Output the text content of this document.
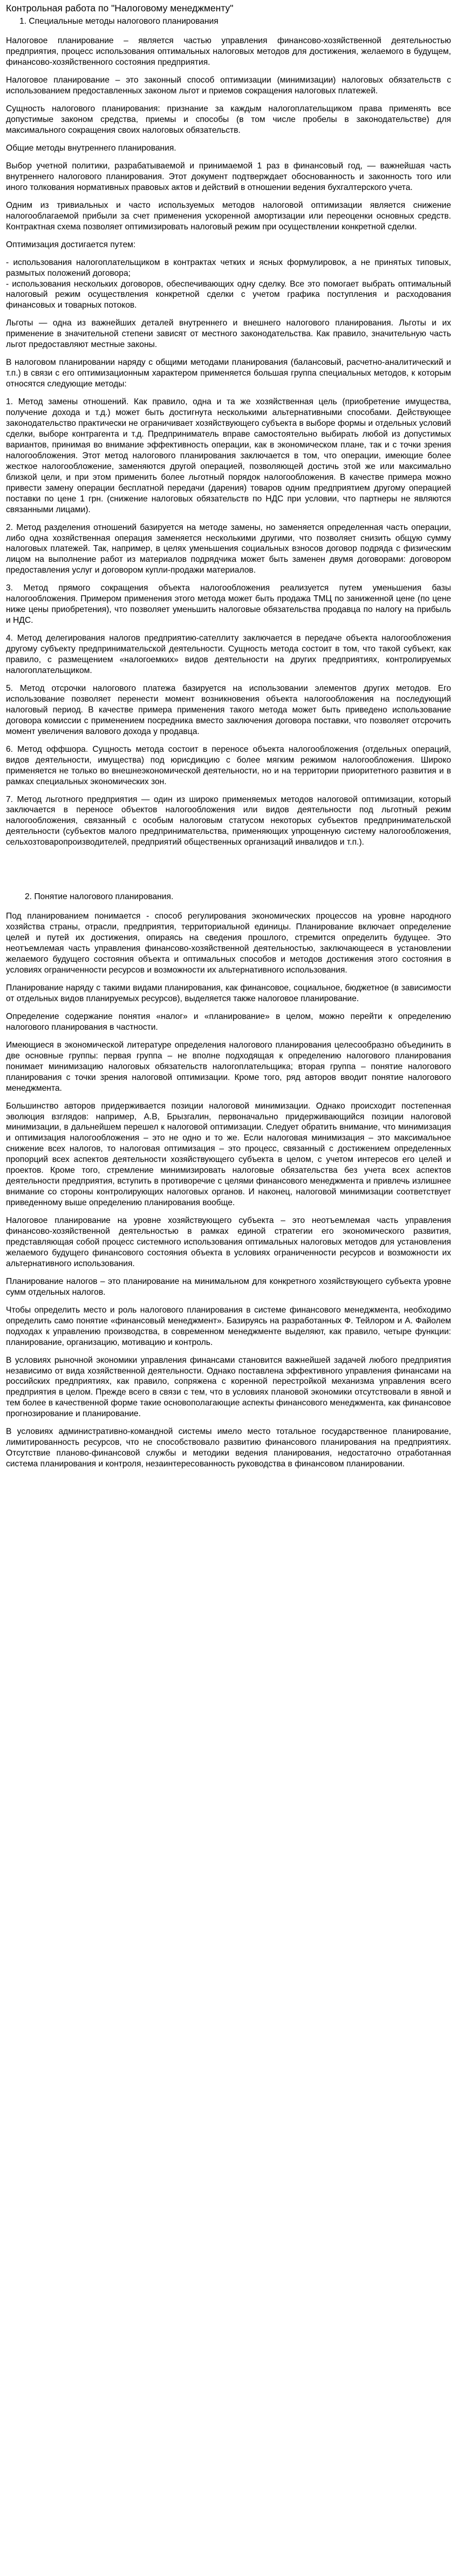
Контрольная работа по "Налоговому менеджменту"
1. Специальные методы налогового планирования

Налоговое планирование – является частью управления финансово-хозяйственной деятельностью предприятия, процесс использования оптимальных налоговых методов для достижения, желаемого в будущем, финансово-хозяйственного состояния предприятия.

Налоговое планирование – это законный способ оптимизации (минимизации) налоговых обязательств с использованием предоставленных законом льгот и приемов сокращения налоговых платежей.

Сущность налогового планирования: признание за каждым налогоплательщиком права применять все допустимые законом средства, приемы и способы (в том числе пробелы в законодательстве) для максимального сокращения своих налоговых обязательств.

Общие методы внутреннего планирования.

Выбор учетной политики, разрабатываемой и принимаемой 1 раз в финансовый год, — важнейшая часть внутреннего налогового планирования. Этот документ подтверждает обоснованность и законность того или иного толкования нормативных правовых актов и действий в отношении ведения бухгалтерского учета.

Одним из тривиальных и часто используемых методов налоговой оптимизации является снижение налогооблагаемой прибыли за счет применения ускоренной амортизации или переоценки основных средств. Контрактная схема позволяет оптимизировать налоговый режим при осуществлении конкретной сделки.

Оптимизация достигается путем:

- использования налогоплательщиком в контрактах четких и ясных формулировок, а не принятых типовых, размытых положений договора;

- использования нескольких договоров, обеспечивающих одну сделку. Все это помогает выбрать оптимальный налоговый режим осуществления конкретной сделки с учетом графика поступления и расходования финансовых и товарных потоков.

Льготы — одна из важнейших деталей внутреннего и внешнего налогового планирования. Льготы и их применение в значительной степени зависят от местного законодательства. Как правило, значительную часть льгот предоставляют местные законы.

В налоговом планировании наряду с общими методами планирования (балансовый, расчетно-аналитический и т.п.) в связи с его оптимизационным характером применяется большая группа специальных методов, к которым относятся следующие методы:

1. Метод замены отношений. Как правило, одна и та же хозяйственная цель (приобретение имущества, получение дохода и т.д.) может быть достигнута несколькими альтернативными способами. Действующее законодательство практически не ограничивает хозяйствующего субъекта в выборе формы и отдельных условий сделки, выборе контрагента и т.д. Предприниматель вправе самостоятельно выбирать любой из допустимых вариантов, принимая во внимание эффективность операции, как в экономическом плане, так и с точки зрения налогообложения. Этот метод налогового планирования заключается в том, что операции, имеющие более жесткое налогообложение, заменяются другой операцией, позволяющей достичь этой же или максимально близкой цели, и при этом применить более льготный порядок налогообложения. В качестве примера можно привести замену операции бесплатной передачи (дарения) товаров одним предприятием другому операцией поставки по цене 1 грн. (снижение налоговых обязательств по НДС при условии, что партнеры не являются связанными лицами).

2. Метод разделения отношений базируется на методе замены, но заменяется определенная часть операции, либо одна хозяйственная операция заменяется несколькими другими, что позволяет снизить общую сумму налоговых платежей. Так, например, в целях уменьшения социальных взносов договор подряда с физическим лицом на выполнение работ из материалов подрядчика может быть заменен двумя договорами: договором предоставления услуг и договором купли-продажи материалов.

3. Метод прямого сокращения объекта налогообложения реализуется путем уменьшения базы налогообложения. Примером применения этого метода может быть продажа ТМЦ по заниженной цене (по цене ниже цены приобретения), что позволяет уменьшить налоговые обязательства продавца по налогу на прибыль и НДС.

4. Метод делегирования налогов предприятию-сателлиту заключается в передаче объекта налогообложения другому субъекту предпринимательской деятельности. Сущность метода состоит в том, что такой субъект, как правило, с размещением «налогоемких» видов деятельности на других предприятиях, контролируемых налогоплательщиком.

5. Метод отсрочки налогового платежа базируется на использовании элементов других методов. Его использование позволяет перенести момент возникновения объекта налогообложения на последующий налоговый период. В качестве примера применения такого метода может быть приведено использование договора комиссии с применением посредника вместо заключения договора поставки, что позволяет отсрочить момент увеличения валового дохода у продавца.

6. Метод оффшора. Сущность метода состоит в переносе объекта налогообложения (отдельных операций, видов деятельности, имущества) под юрисдикцию с более мягким режимом налогообложения. Широко применяется не только во внешнеэкономической деятельности, но и на территории приоритетного развития и в рамках специальных экономических зон.

7. Метод льготного предприятия — один из широко применяемых методов налоговой оптимизации, который заключается в переносе объектов налогообложения или видов деятельности под льготный режим налогообложения, связанный с особым налоговым статусом некоторых субъектов предпринимательской деятельности (субъектов малого предпринимательства, применяющих упрощенную систему налогообложения, сельхозтоваропроизводителей, предприятий общественных организаций инвалидов и т.п.).

2. Понятие налогового планирования.

Под планированием понимается - способ регулирования экономических процессов на уровне народного хозяйства страны, отрасли, предприятия, территориальной единицы. Планирование включает определение целей и путей их достижения, опираясь на сведения прошлого, стремится определить будущее. Это неотъемлемая часть управления финансово-хозяйственной деятельностью, заключающееся в установлении желаемого будущего состояния объекта и оптимальных способов и методов достижения этого состояния в условиях ограниченности ресурсов и возможности их альтернативного использования.

Планирование наряду с такими видами планирования, как финансовое, социальное, бюджетное (в зависимости от отдельных видов планируемых ресурсов), выделяется также налоговое планирование.

Определение содержание понятия «налог» и «планирование» в целом, можно перейти к определению налогового планирования в частности.

Имеющиеся в экономической литературе определения налогового планирования целесообразно объединить в две основные группы: первая группа – не вполне подходящая к определению налогового планирования понимает минимизацию налоговых обязательств налогоплательщика; вторая группа – понятие налогового планирования с точки зрения налоговой оптимизации. Кроме того, ряд авторов вводит понятие налогового менеджмента.

Большинство авторов придерживается позиции налоговой минимизации. Однако происходит постепенная эволюция взглядов: например, А.В, Брызгалин, первоначально придерживающийся позиции налоговой минимизации, в дальнейшем перешел к налоговой оптимизации. Следует обратить внимание, что минимизация и оптимизация налогообложения – это не одно и то же. Если налоговая минимизация – это максимальное снижение всех налогов, то налоговая оптимизация – это процесс, связанный с достижением определенных пропорций всех аспектов деятельности хозяйствующего субъекта в целом, с учетом интересов его целей и проектов. Кроме того, стремление минимизировать налоговые обязательства без учета всех аспектов деятельности предприятия, вступить в противоречие с целями финансового менеджмента и привлечь излишнее внимание со стороны контролирующих налоговых органов. И наконец, налоговой минимизации соответствует приведенному выше определению планирования вообще.

Налоговое планирование на уровне хозяйствующего субъекта – это неотъемлемая часть управления финансово-хозяйственной деятельностью в рамках единой стратегии его экономического развития, представляющая собой процесс системного использования оптимальных налоговых методов для установления желаемого будущего финансового состояния объекта в условиях ограниченности ресурсов и возможности их альтернативного использования.

Планирование налогов – это планирование на минимальном для конкретного хозяйствующего субъекта уровне сумм отдельных налогов.

Чтобы определить место и роль налогового планирования в системе финансового менеджмента, необходимо определить само понятие «финансовый менеджмент». Базируясь на разработанных Ф. Тейлором и А. Файолем подходах к управлению производства, в современном менеджменте выделяют, как правило, четыре функции: планирование, организацию, мотивацию и контроль.

В условиях рыночной экономики управления финансами становится важнейшей задачей любого предприятия независимо от вида хозяйственной деятельности. Однако поставлена эффективного управления финансами на российских предприятиях, как правило, сопряжена с коренной перестройкой механизма управления всего предприятия в целом. Прежде всего в связи с тем, что в условиях плановой экономики отсутствовали в явной и тем более в качественной форме такие основополагающие аспекты финансового менеджмента, как финансовое прогнозирование и планирование.

В условиях административно-командной системы имело место тотальное государственное планирование, лимитированность ресурсов, что не способствовало развитию финансового планирования на предприятиях. Отсутствие планово-финансовой службы и методики ведения планирования, недостаточно отработанная система планирования и контроля, незаинтересованность руководства в финансовом планировании.
